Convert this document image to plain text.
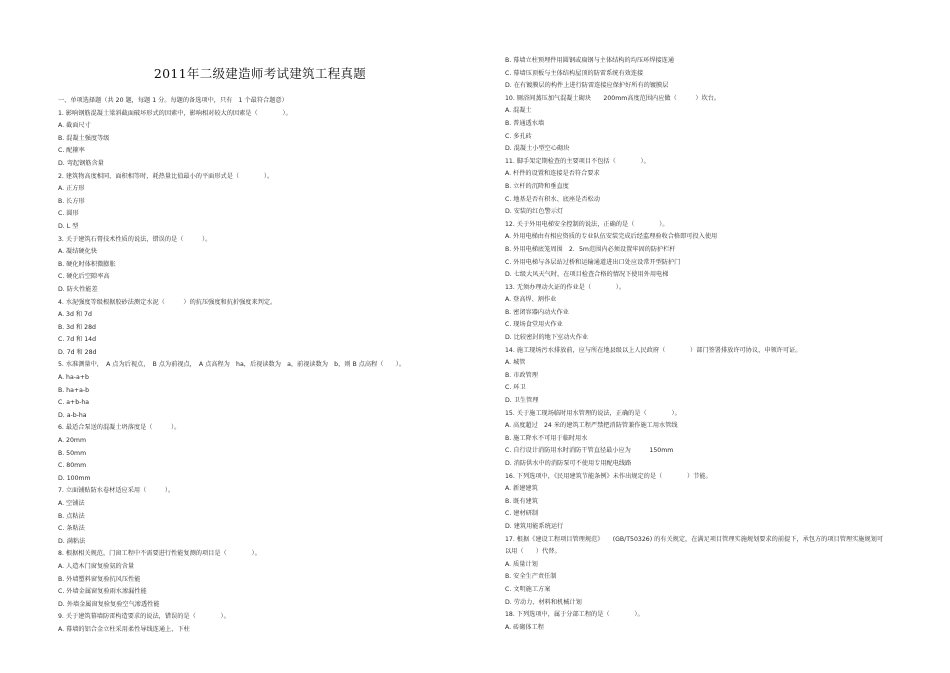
2011年二级建造师考试建筑工程真题
一、单项选择题（共 20 题，每题 1 分。每题的备选项中，只有　1 个最符合题意）
1. 影响钢筋混凝土梁斜截面破坏形式的因素中，影响相对较大的因素是（　　　　）。
A. 截面尺寸
B. 混凝土强度等级
C. 配箍率
D. 弯起钢筋含量
2. 建筑物高度相同、面积相等时，耗热量比值最小的平面形式是（　　　　）。
A. 正方形
B. 长方形
C. 圆形
D. L 型
3. 关于建筑石膏技术性质的说法，错误的是（　　　）。
A. 凝结硬化快
B. 硬化时体积微膨胀
C. 硬化后空隙率高
D. 防火性能差
4. 水泥强度等级根据胶砂法测定水泥（　　　）的抗压强度和抗折强度来判定。
A. 3d 和 7d
B. 3d 和 28d
C. 7d 和 14d
D. 7d 和 28d
5. 水准测量中，　A 点为后视点，　B 点为前视点，　A 点高程为　ha，后视读数为　a，前视读数为　b，则 B 点高程（　　）。
A. ha-a+b
B. ha+a-b
C. a+b-ha
D. a-b-ha
6. 最适合泵送的混凝土坍落度是（　　　）。
A. 20mm
B. 50mm
C. 80mm
D. 100mm
7. 立面铺贴防水卷材适应采用（　　　）。
A. 空铺法
B. 点粘法
C. 条粘法
D. 满粘法
8. 根据相关规范，门窗工程中不需要进行性能复测的项目是（　　　　）。
A. 人造木门窗复验氨的含量
B. 外墙塑料窗复验抗风压性能
C. 外墙金属窗复验雨水渗漏性能
D. 外墙金属窗复验复验空气渗透性能
9. 关于建筑幕墙防雷构造要求的说法，错误的是（　　　　）。
A. 幕墙的铝合金立柱采用柔性导线连通上、下柱
B. 幕墙立柱预埋件用圆钢或扁钢与主体结构的均压环焊接连通
C. 幕墙压顶板与主体结构屋顶的防雷系统有效连接
D. 在有镀膜层的构件上进行防雷连接应保护好所有的镀膜层
10. 厕浴间蒸压加气混凝土砌块　　200mm高度范围内应做（　　　）坎台。
A. 混凝土
B. 普通透水墙
C. 多孔砖
D. 混凝土小型空心砌块
11. 脚手架定期检查的主要项目不包括（　　　　）。
A. 杆件的设置和连接是否符合要求
B. 立杆的沉降和垂直度
C. 地基是否有积水、底座是否松动
D. 安装的红色警示灯
12. 关于外用电梯安全控制的说法，正确的是（　　　　）。
A. 外用电梯由有相应资质的专业队伍安装完成后经监理验收合格即可投入使用
B. 外用电梯底笼周围　2．5m范围内必须设置牢固的防护栏杆
C. 外用电梯与各层站过桥和运输通道进出口处应设常开型防护门
D. 七级大风天气时，在项目检查合格的情况下使用外用电梯
13. 无须办理动火证的作业是（　　　　）。
A. 登高焊、割作业
B. 密闭容器内动火作业
C. 现场食堂用火作业
D. 比较密封的地下室动火作业
14. 施工现场污水排放前，应与所在地县级以上人民政府（　　　　）部门签署排放许可协议，申领许可证。
A. 城管
B. 市政管理
C. 环卫
D. 卫生管理
15. 关于施工现场临时用水管理的说法，正确的是（　　　　）。
A. 高度超过　24 米的建筑工程严禁把消防管兼作施工用水管线
B. 施工降水不可用于临时用水
C. 自行设计消防用水时消防干管直径最小应为　　　150mm
D. 消防供水中的消防泵可不使用专用配电线路
16. 下列选项中，《民用建筑节能条例》未作出规定的是（　　　　）节能。
A. 新建建筑
B. 既有建筑
C. 建材研制
D. 建筑用能系统运行
17. 根据《建设工程项目管理规范》　　(GB/T50326) 的有关规定，在满足项目管理实施规划要求的前提下，承包方的项目管理实施规划可
以用（　　）代替。
A. 质量计划
B. 安全生产责任制
C. 文明施工方案
D. 劳动力、材料和机械计划
18. 下列选项中，属于分部工程的是（　　　　）。
A. 砖砌体工程
